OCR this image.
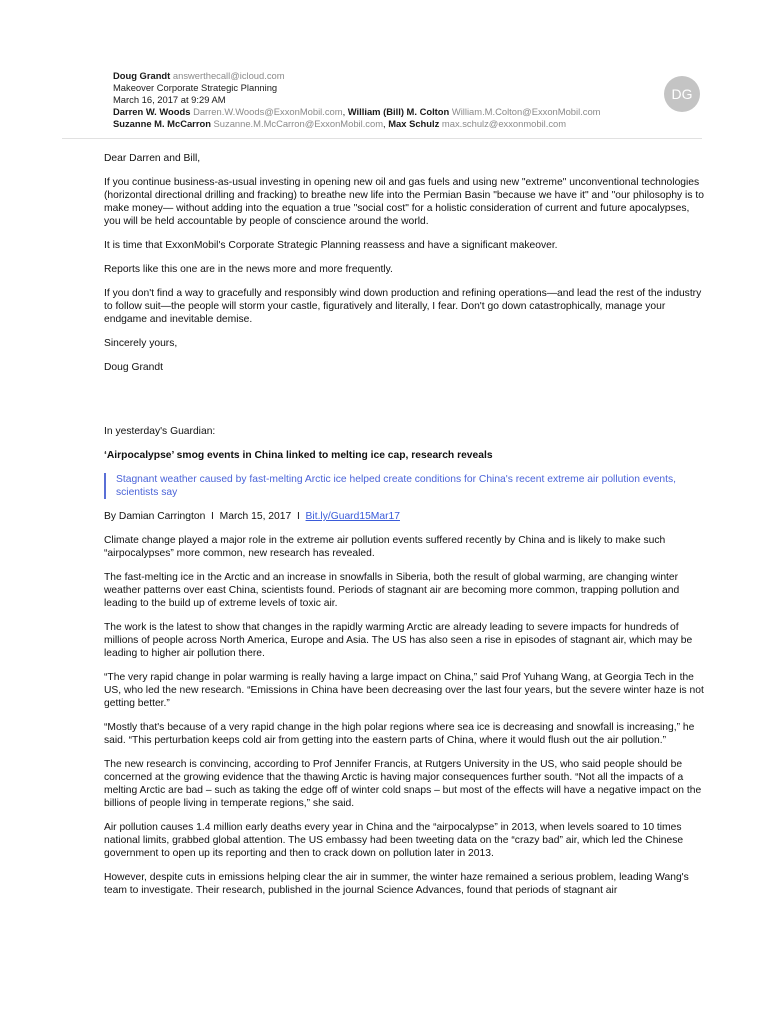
Doug Grandt answerthecall@icloud.com
Makeover Corporate Strategic Planning
March 16, 2017 at 9:29 AM
Darren W. Woods Darren.W.Woods@ExxonMobil.com, William (Bill) M. Colton William.M.Colton@ExxonMobil.com
Suzanne M. McCarron Suzanne.M.McCarron@ExxonMobil.com, Max Schulz max.schulz@exxonmobil.com
DG

Dear Darren and Bill,

If you continue business-as-usual investing in opening new oil and gas fuels and using new "extreme" unconventional technologies (horizontal directional drilling and fracking) to breathe new life into the Permian Basin "because we have it" and "our philosophy is to make money— without adding into the equation a true "social cost" for a holistic consideration of current and future apocalypses, you will be held accountable by people of conscience around the world.

It is time that ExxonMobil's Corporate Strategic Planning reassess and have a significant makeover.

Reports like this one are in the news more and more frequently.

If you don't find a way to gracefully and responsibly wind down production and refining operations—and lead the rest of the industry to follow suit—the people will storm your castle, figuratively and literally, I fear. Don't go down catastrophically, manage your endgame and inevitable demise.

Sincerely yours,

Doug Grandt

In yesterday's Guardian:

‘Airpocalypse’ smog events in China linked to melting ice cap, research reveals

Stagnant weather caused by fast-melting Arctic ice helped create conditions for China's recent extreme air pollution events, scientists say

By Damian Carrington I March 15, 2017 I Bit.ly/Guard15Mar17

Climate change played a major role in the extreme air pollution events suffered recently by China and is likely to make such “airpocalypses” more common, new research has revealed.

The fast-melting ice in the Arctic and an increase in snowfalls in Siberia, both the result of global warming, are changing winter weather patterns over east China, scientists found. Periods of stagnant air are becoming more common, trapping pollution and leading to the build up of extreme levels of toxic air.

The work is the latest to show that changes in the rapidly warming Arctic are already leading to severe impacts for hundreds of millions of people across North America, Europe and Asia. The US has also seen a rise in episodes of stagnant air, which may be leading to higher air pollution there.

“The very rapid change in polar warming is really having a large impact on China,” said Prof Yuhang Wang, at Georgia Tech in the US, who led the new research. “Emissions in China have been decreasing over the last four years, but the severe winter haze is not getting better.”

“Mostly that's because of a very rapid change in the high polar regions where sea ice is decreasing and snowfall is increasing,” he said. “This perturbation keeps cold air from getting into the eastern parts of China, where it would flush out the air pollution.”

The new research is convincing, according to Prof Jennifer Francis, at Rutgers University in the US, who said people should be concerned at the growing evidence that the thawing Arctic is having major consequences further south. “Not all the impacts of a melting Arctic are bad – such as taking the edge off of winter cold snaps – but most of the effects will have a negative impact on the billions of people living in temperate regions,” she said.

Air pollution causes 1.4 million early deaths every year in China and the “airpocalypse” in 2013, when levels soared to 10 times national limits, grabbed global attention. The US embassy had been tweeting data on the “crazy bad” air, which led the Chinese government to open up its reporting and then to crack down on pollution later in 2013.

However, despite cuts in emissions helping clear the air in summer, the winter haze remained a serious problem, leading Wang's team to investigate. Their research, published in the journal Science Advances, found that periods of stagnant air
